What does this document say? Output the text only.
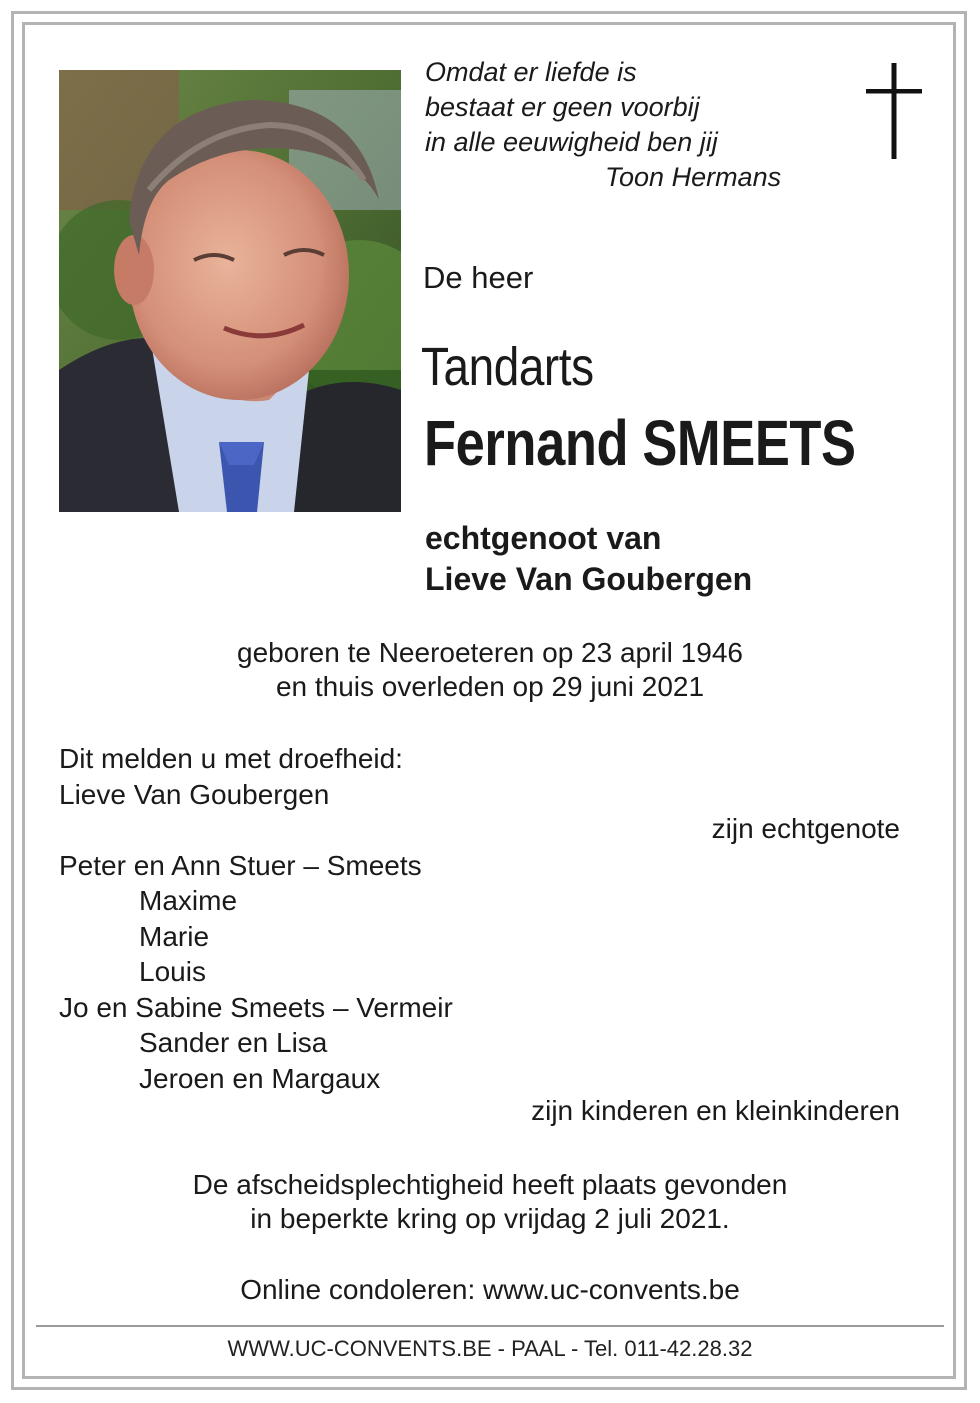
Omdat er liefde is
bestaat er geen voorbij
in alle eeuwigheid ben jij
Toon Hermans
De heer
Tandarts
Fernand SMEETS
echtgenoot van
Lieve Van Goubergen
geboren te Neeroeteren op 23 april 1946
en thuis overleden op 29 juni 2021
Dit melden u met droefheid:
Lieve Van Goubergen
Peter en Ann Stuer – Smeets
Maxime
Marie
Louis
Jo en Sabine Smeets – Vermeir
Sander en Lisa
Jeroen en Margaux
zijn echtgenote
zijn kinderen en kleinkinderen
De afscheidsplechtigheid heeft plaats gevonden
in beperkte kring op vrijdag 2 juli 2021.
Online condoleren: www.uc-convents.be
WWW.UC-CONVENTS.BE - PAAL - Tel. 011-42.28.32
